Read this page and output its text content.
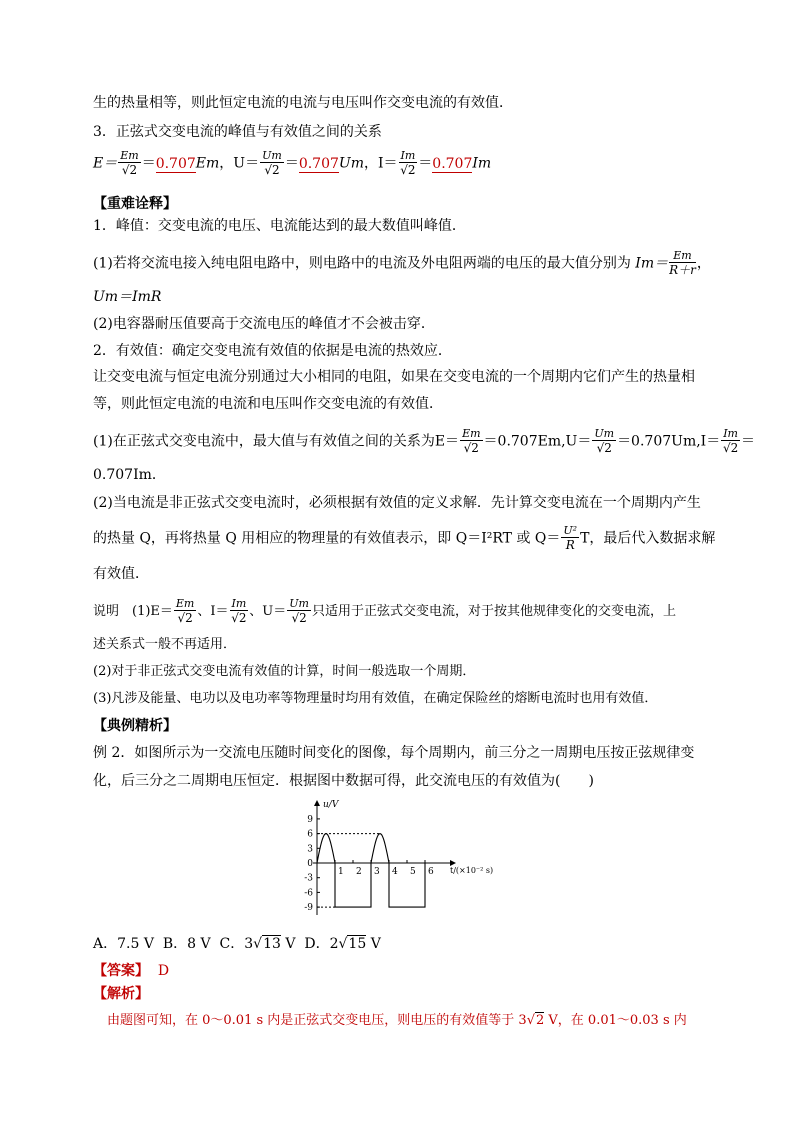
生的热量相等，则此恒定电流的电流与电压叫作交变电流的有效值．
3．正弦式交变电流的峰值与有效值之间的关系
$E= \frac{Em}{√2} =0.707Em$，$U= \frac{Um}{√2} =0.707Um$，$I= \frac{Im}{√2} =0.707Im$
【重难诠释】
1．峰值：交变电流的电压、电流能达到的最大数值叫峰值．
(1)若将交流电接入纯电阻电路中，则电路中的电流及外电阻两端的电压的最大值分别为 $Im= \frac{Em}{R+r}$ ，
Um＝ImR
(2)电容器耐压值要高于交流电压的峰值才不会被击穿．
2．有效值：确定交变电流有效值的依据是电流的热效应．
让交变电流与恒定电流分别通过大小相同的电阻，如果在交变电流的一个周期内它们产生的热量相
等，则此恒定电流的电流和电压叫作交变电流的有效值．
(1)在正弦式交变电流中，最大值与有效值之间的关系为$E= \frac{Em}{√2} =0.707Em,U= \frac{Um}{√2} =0.707Um,I= \frac{Im}{√2}$ ＝
0.707Im．
(2)当电流是非正弦式交变电流时，必须根据有效值的定义求解．先计算交变电流在一个周期内产生
的热量 Q，再将热量 Q 用相应的物理量的有效值表示，即 Q＝I²RT 或 $Q= \frac{\text{U²}}{R}$ T，最后代入数据求解
有效值．
说明　$(1)E= \frac{Em}{√2}$ 、$I= \frac{Im}{√2}$ 、$U= \frac{Um}{√2}$ 只适用于正弦式交变电流，对于按其他规律变化的交变电流，上
述关系式一般不再适用．
(2)对于非正弦式交变电流有效值的计算，时间一般选取一个周期．
(3)凡涉及能量、电功以及电功率等物理量时均用有效值，在确定保险丝的熔断电流时也用有效值．
【典例精析】
例 2．如图所示为一交流电压随时间变化的图像，每个周期内，前三分之一周期电压按正弦规律变
化，后三分之二周期电压恒定．根据图中数据可得，此交流电压的有效值为(　　)
u/V
t/(×10⁻² s)
9
6
3
0
-3
-6
-9
1 2 3 4 5 6
A．7.5 V B．8 V C．3√13 V D．2√15 V
【答案】 D
【解析】
由题图可知，在 0～0.01 s 内是正弦式交变电压，则电压的有效值等于 3√2 V，在 0.01～0.03 s 内
